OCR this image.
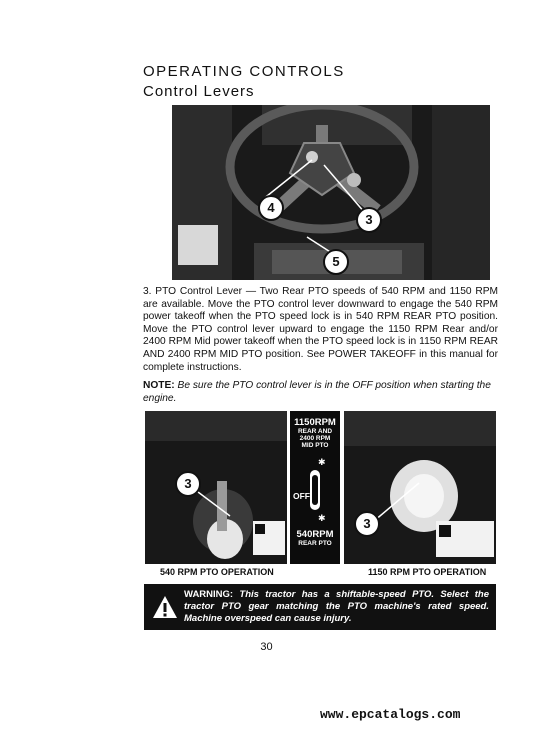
OPERATING CONTROLS
Control Levers
4
3
5
3. PTO Control Lever — Two Rear PTO speeds of 540 RPM and 1150 RPM are available. Move the PTO control lever downward to engage the 540 RPM power takeoff when the PTO speed lock is in 540 RPM REAR PTO position. Move the PTO control lever upward to engage the 1150 RPM Rear and/or 2400 RPM Mid power takeoff when the PTO speed lock is in 1150 RPM REAR AND 2400 RPM MID PTO position. See POWER TAKEOFF in this manual for complete instructions.
NOTE: Be sure the PTO control lever is in the OFF position when starting the engine.
3
1150RPM
REAR AND
2400 RPM
MID PTO
✱
✱
OFF
540RPM
REAR PTO
3
540 RPM PTO OPERATION	1150 RPM PTO OPERATION
WARNING: This tractor has a shiftable-speed PTO. Select the tractor PTO gear matching the PTO machine's rated speed. Machine overspeed can cause injury.
30
www.epcatalogs.com
